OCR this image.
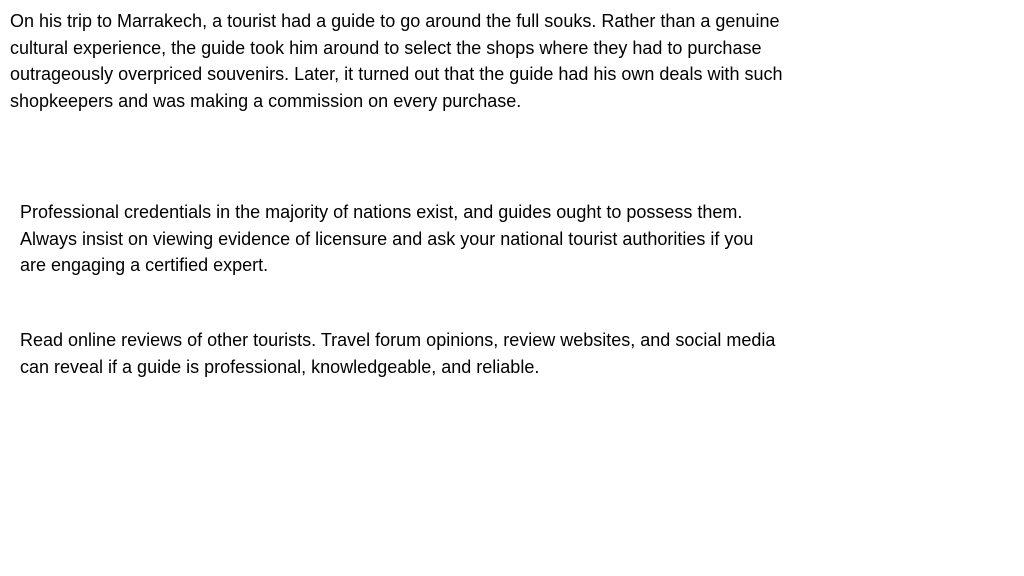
On his trip to Marrakech, a tourist had a guide to go around the full souks. Rather than a genuine cultural experience, the guide took him around to select the shops where they had to purchase outrageously overpriced souvenirs. Later, it turned out that the guide had his own deals with such shopkeepers and was making a commission on every purchase.

Professional credentials in the majority of nations exist, and guides ought to possess them. Always insist on viewing evidence of licensure and ask your national tourist authorities if you are engaging a certified expert.

Read online reviews of other tourists. Travel forum opinions, review websites, and social media can reveal if a guide is professional, knowledgeable, and reliable.
